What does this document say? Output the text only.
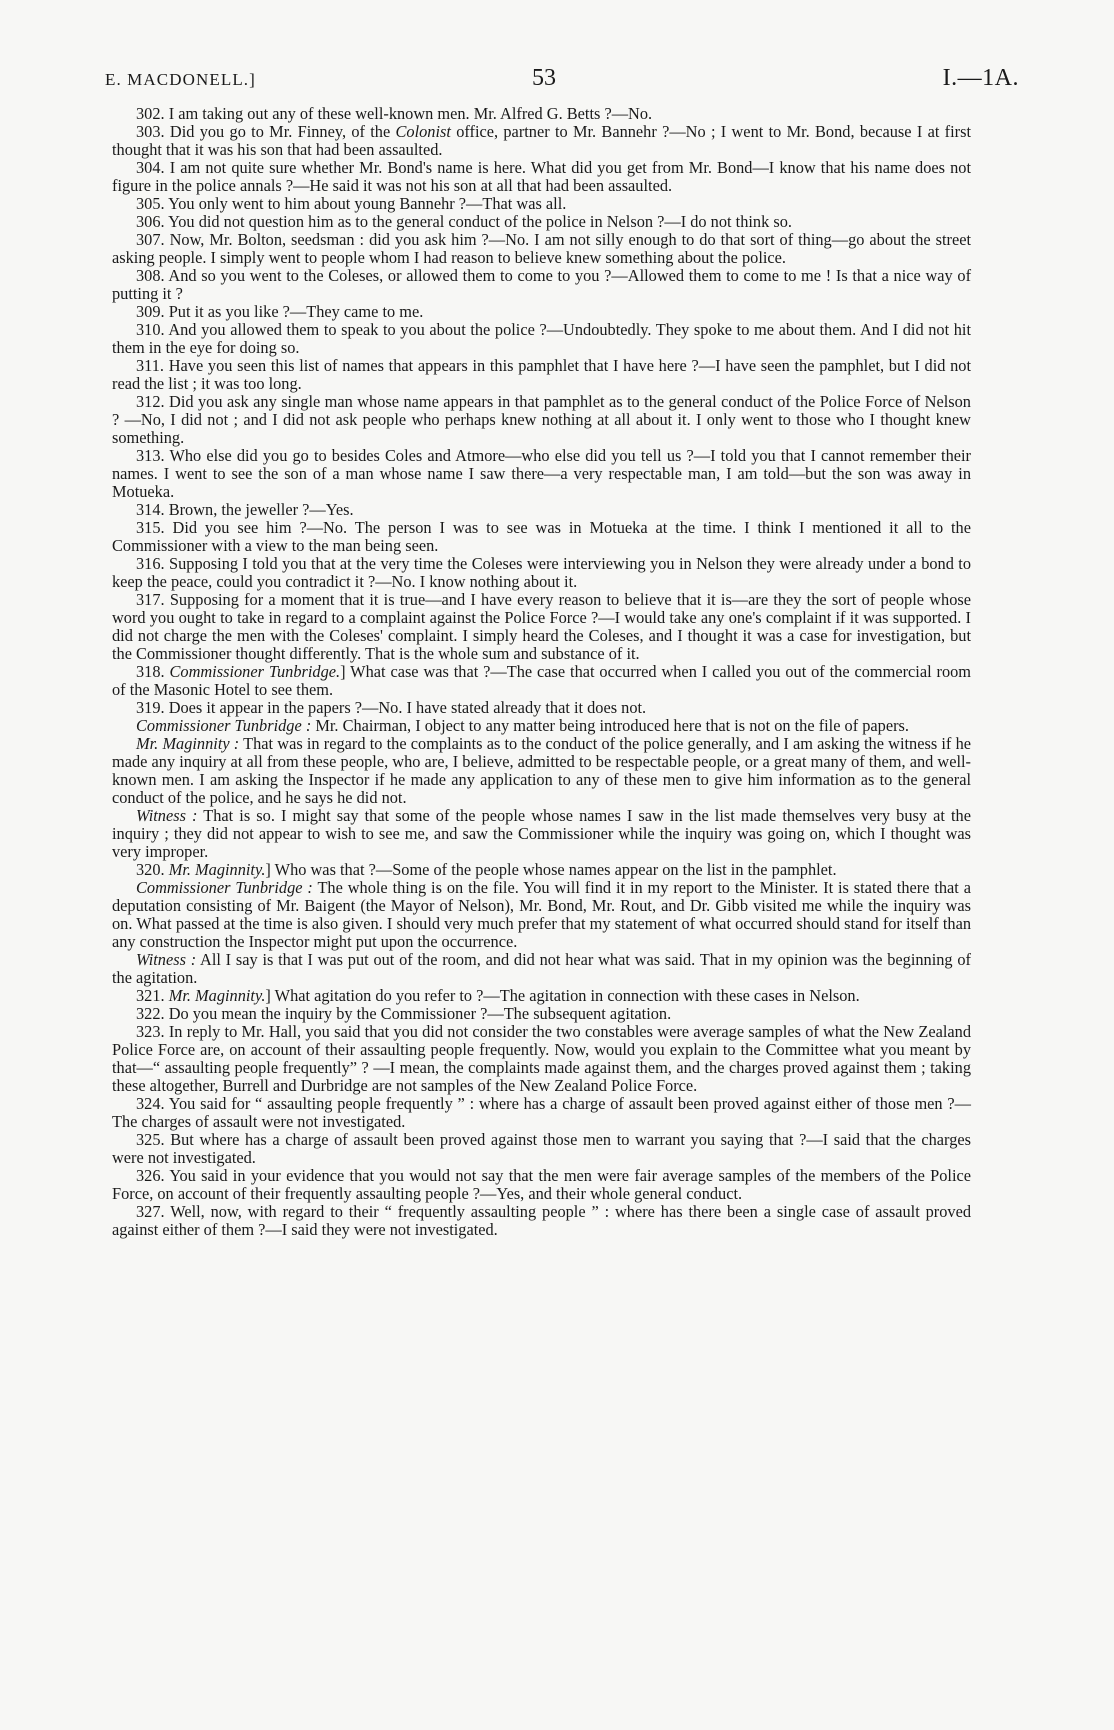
E. MACDONELL.]	53	I.—1A.

302. I am taking out any of these well-known men. Mr. Alfred G. Betts ?—No.

303. Did you go to Mr. Finney, of the Colonist office, partner to Mr. Bannehr ?—No ; I went to Mr. Bond, because I at first thought that it was his son that had been assaulted.

304. I am not quite sure whether Mr. Bond's name is here. What did you get from Mr. Bond—I know that his name does not figure in the police annals ?—He said it was not his son at all that had been assaulted.

305. You only went to him about young Bannehr ?—That was all.

306. You did not question him as to the general conduct of the police in Nelson ?—I do not think so.

307. Now, Mr. Bolton, seedsman : did you ask him ?—No. I am not silly enough to do that sort of thing—go about the street asking people. I simply went to people whom I had reason to believe knew something about the police.

308. And so you went to the Coleses, or allowed them to come to you ?—Allowed them to come to me ! Is that a nice way of putting it ?

309. Put it as you like ?—They came to me.

310. And you allowed them to speak to you about the police ?—Undoubtedly. They spoke to me about them. And I did not hit them in the eye for doing so.

311. Have you seen this list of names that appears in this pamphlet that I have here ?—I have seen the pamphlet, but I did not read the list ; it was too long.

312. Did you ask any single man whose name appears in that pamphlet as to the general conduct of the Police Force of Nelson ? —No, I did not ; and I did not ask people who perhaps knew nothing at all about it. I only went to those who I thought knew something.

313. Who else did you go to besides Coles and Atmore—who else did you tell us ?—I told you that I cannot remember their names. I went to see the son of a man whose name I saw there—a very respectable man, I am told—but the son was away in Motueka.

314. Brown, the jeweller ?—Yes.

315. Did you see him ?—No. The person I was to see was in Motueka at the time. I think I mentioned it all to the Commissioner with a view to the man being seen.

316. Supposing I told you that at the very time the Coleses were interviewing you in Nelson they were already under a bond to keep the peace, could you contradict it ?—No. I know nothing about it.

317. Supposing for a moment that it is true—and I have every reason to believe that it is—are they the sort of people whose word you ought to take in regard to a complaint against the Police Force ?—I would take any one's complaint if it was supported. I did not charge the men with the Coleses' complaint. I simply heard the Coleses, and I thought it was a case for investigation, but the Commissioner thought differently. That is the whole sum and substance of it.

318. Commissioner Tunbridge.] What case was that ?—The case that occurred when I called you out of the commercial room of the Masonic Hotel to see them.

319. Does it appear in the papers ?—No. I have stated already that it does not.

Commissioner Tunbridge : Mr. Chairman, I object to any matter being introduced here that is not on the file of papers.

Mr. Maginnity : That was in regard to the complaints as to the conduct of the police generally, and I am asking the witness if he made any inquiry at all from these people, who are, I believe, admitted to be respectable people, or a great many of them, and well-known men. I am asking the Inspector if he made any application to any of these men to give him information as to the general conduct of the police, and he says he did not.

Witness : That is so. I might say that some of the people whose names I saw in the list made themselves very busy at the inquiry ; they did not appear to wish to see me, and saw the Commissioner while the inquiry was going on, which I thought was very improper.

320. Mr. Maginnity.] Who was that ?—Some of the people whose names appear on the list in the pamphlet.

Commissioner Tunbridge : The whole thing is on the file. You will find it in my report to the Minister. It is stated there that a deputation consisting of Mr. Baigent (the Mayor of Nelson), Mr. Bond, Mr. Rout, and Dr. Gibb visited me while the inquiry was on. What passed at the time is also given. I should very much prefer that my statement of what occurred should stand for itself than any construction the Inspector might put upon the occurrence.

Witness : All I say is that I was put out of the room, and did not hear what was said. That in my opinion was the beginning of the agitation.

321. Mr. Maginnity.] What agitation do you refer to ?—The agitation in connection with these cases in Nelson.

322. Do you mean the inquiry by the Commissioner ?—The subsequent agitation.

323. In reply to Mr. Hall, you said that you did not consider the two constables were average samples of what the New Zealand Police Force are, on account of their assaulting people frequently. Now, would you explain to the Committee what you meant by that—“ assaulting people frequently” ? —I mean, the complaints made against them, and the charges proved against them ; taking these altogether, Burrell and Durbridge are not samples of the New Zealand Police Force.

324. You said for “ assaulting people frequently ” : where has a charge of assault been proved against either of those men ?—The charges of assault were not investigated.

325. But where has a charge of assault been proved against those men to warrant you saying that ?—I said that the charges were not investigated.

326. You said in your evidence that you would not say that the men were fair average samples of the members of the Police Force, on account of their frequently assaulting people ?—Yes, and their whole general conduct.

327. Well, now, with regard to their “ frequently assaulting people ” : where has there been a single case of assault proved against either of them ?—I said they were not investigated.
